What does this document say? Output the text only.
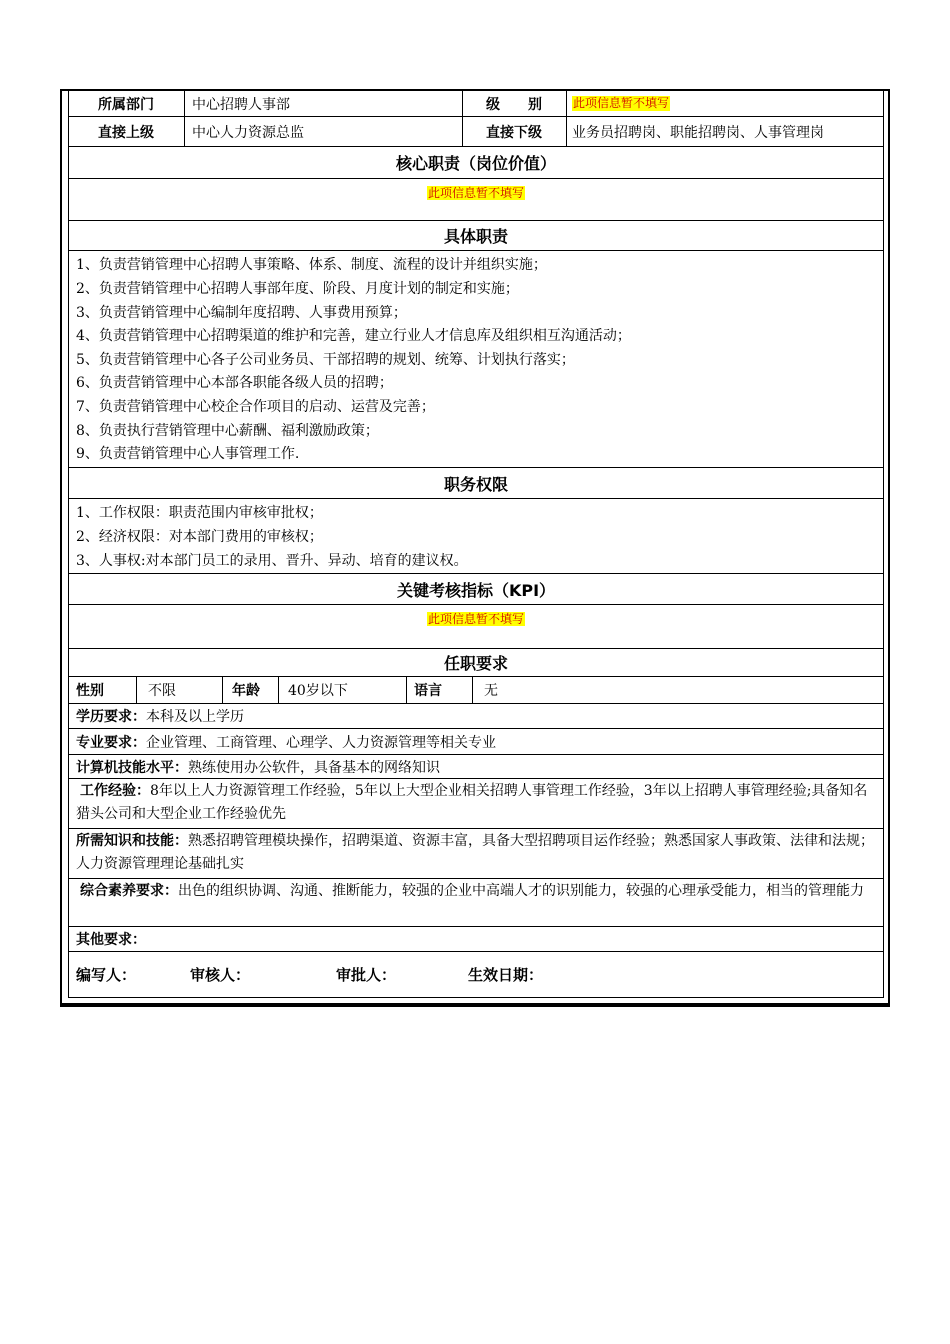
所属部门	中心招聘人事部	级　　别	此项信息暂不填写
直接上级	中心人力资源总监	直接下级	业务员招聘岗、职能招聘岗、人事管理岗
核心职责（岗位价值）
此项信息暂不填写
具体职责
1、负责营销管理中心招聘人事策略、体系、制度、流程的设计并组织实施；
2、负责营销管理中心招聘人事部年度、阶段、月度计划的制定和实施；
3、负责营销管理中心编制年度招聘、人事费用预算；
4、负责营销管理中心招聘渠道的维护和完善，建立行业人才信息库及组织相互沟通活动；
5、负责营销管理中心各子公司业务员、干部招聘的规划、统筹、计划执行落实；
6、负责营销管理中心本部各职能各级人员的招聘；
7、负责营销管理中心校企合作项目的启动、运营及完善；
8、负责执行营销管理中心薪酬、福利激励政策；
9、负责营销管理中心人事管理工作.
职务权限
1、工作权限：职责范围内审核审批权；
2、经济权限：对本部门费用的审核权；
3、人事权:对本部门员工的录用、晋升、异动、培育的建议权。
关键考核指标（KPI）
此项信息暂不填写
任职要求
性别	不限	年龄	40岁以下	语言	无
学历要求： 本科及以上学历
专业要求： 企业管理、工商管理、心理学、人力资源管理等相关专业
计算机技能水平： 熟练使用办公软件，具备基本的网络知识
工作经验：8年以上人力资源管理工作经验，5年以上大型企业相关招聘人事管理工作经验，3年以上招聘人事管理经验;具备知名猎头公司和大型企业工作经验优先
所需知识和技能：熟悉招聘管理模块操作，招聘渠道、资源丰富，具备大型招聘项目运作经验；熟悉国家人事政策、法律和法规；人力资源管理理论基础扎实
综合素养要求：出色的组织协调、沟通、推断能力，较强的企业中高端人才的识别能力，较强的心理承受能力，相当的管理能力
其他要求：
编写人：	审核人：	审批人：	生效日期：
